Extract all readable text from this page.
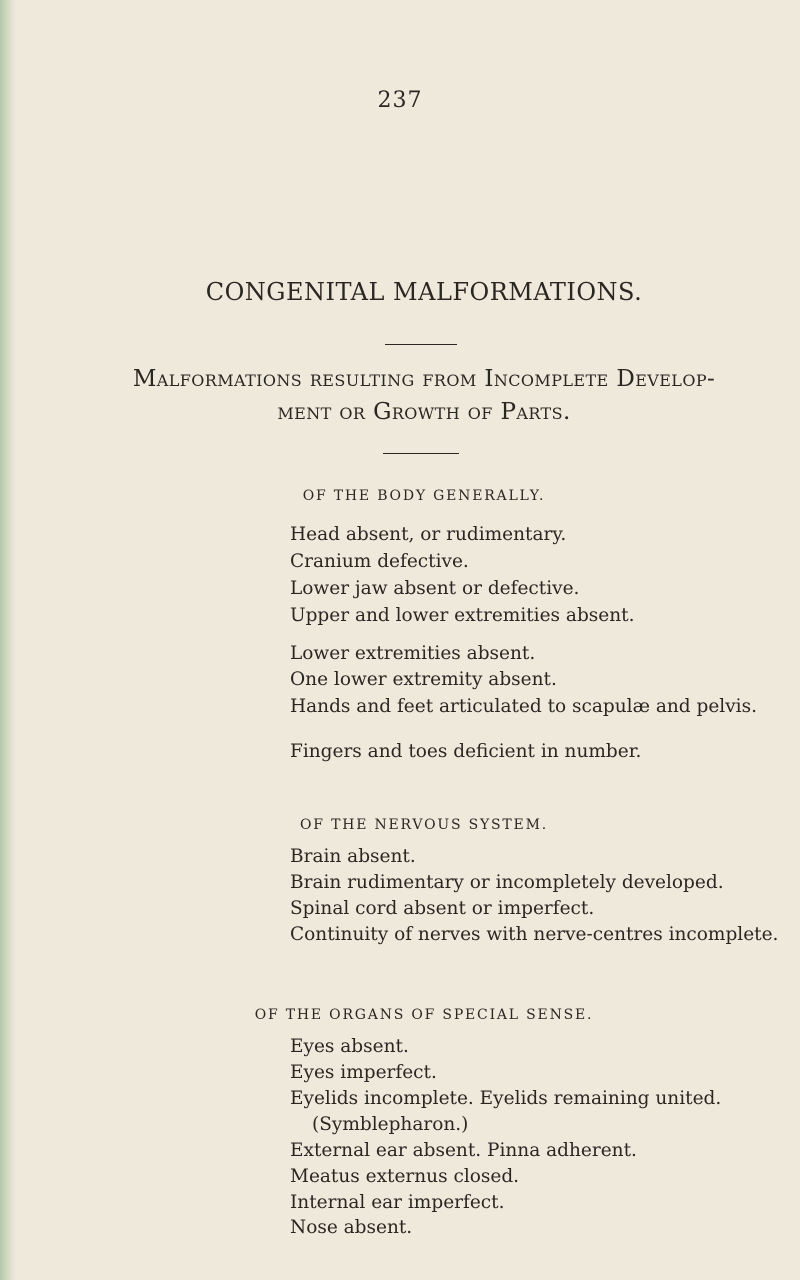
237
CONGENITAL MALFORMATIONS.
Malformations resulting from Incomplete Develop-
ment or Growth of Parts.
OF THE BODY GENERALLY.
Head absent, or rudimentary.
Cranium defective.
Lower jaw absent or defective.
Upper and lower extremities absent.
Lower extremities absent.
One lower extremity absent.
Hands and feet articulated to scapulæ and pelvis.
Fingers and toes deficient in number.
OF THE NERVOUS SYSTEM.
Brain absent.
Brain rudimentary or incompletely developed.
Spinal cord absent or imperfect.
Continuity of nerves with nerve-centres incomplete.
OF THE ORGANS OF SPECIAL SENSE.
Eyes absent.
Eyes imperfect.
Eyelids incomplete. Eyelids remaining united.
(Symblepharon.)
External ear absent. Pinna adherent.
Meatus externus closed.
Internal ear imperfect.
Nose absent.
